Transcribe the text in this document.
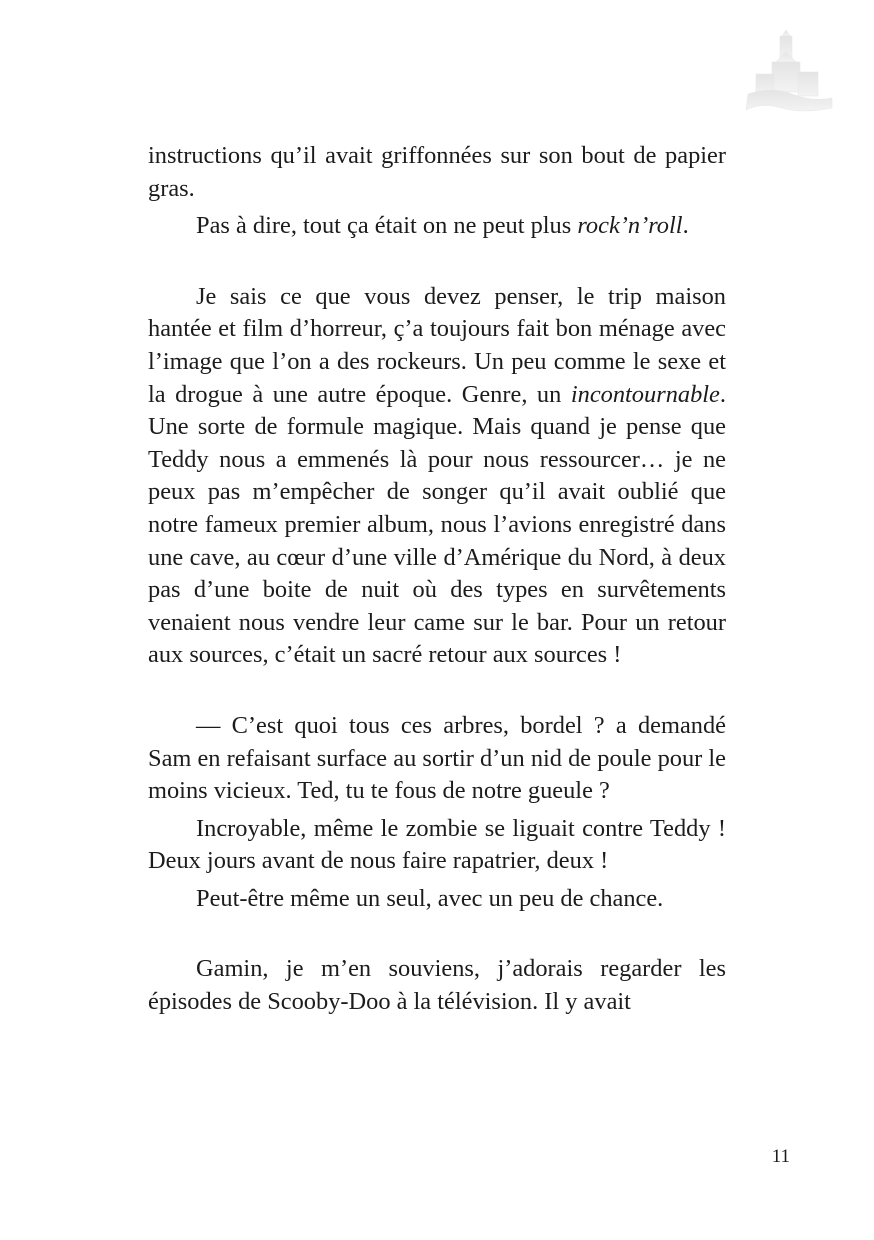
instructions qu’il avait griffonnées sur son bout de papier gras.

Pas à dire, tout ça était on ne peut plus rock’n’roll.

Je sais ce que vous devez penser, le trip maison hantée et film d’horreur, ç’a toujours fait bon ménage avec l’image que l’on a des rockeurs. Un peu comme le sexe et la drogue à une autre époque. Genre, un incontournable. Une sorte de formule magique. Mais quand je pense que Teddy nous a emmenés là pour nous ressourcer… je ne peux pas m’empêcher de songer qu’il avait oublié que notre fameux premier album, nous l’avions enregistré dans une cave, au cœur d’une ville d’Amérique du Nord, à deux pas d’une boite de nuit où des types en survêtements venaient nous vendre leur came sur le bar. Pour un retour aux sources, c’était un sacré retour aux sources !

— C’est quoi tous ces arbres, bordel ? a demandé Sam en refaisant surface au sortir d’un nid de poule pour le moins vicieux. Ted, tu te fous de notre gueule ?

Incroyable, même le zombie se liguait contre Teddy ! Deux jours avant de nous faire rapatrier, deux !

Peut-être même un seul, avec un peu de chance.

Gamin, je m’en souviens, j’adorais regarder les épisodes de Scooby-Doo à la télévision. Il y avait

11
